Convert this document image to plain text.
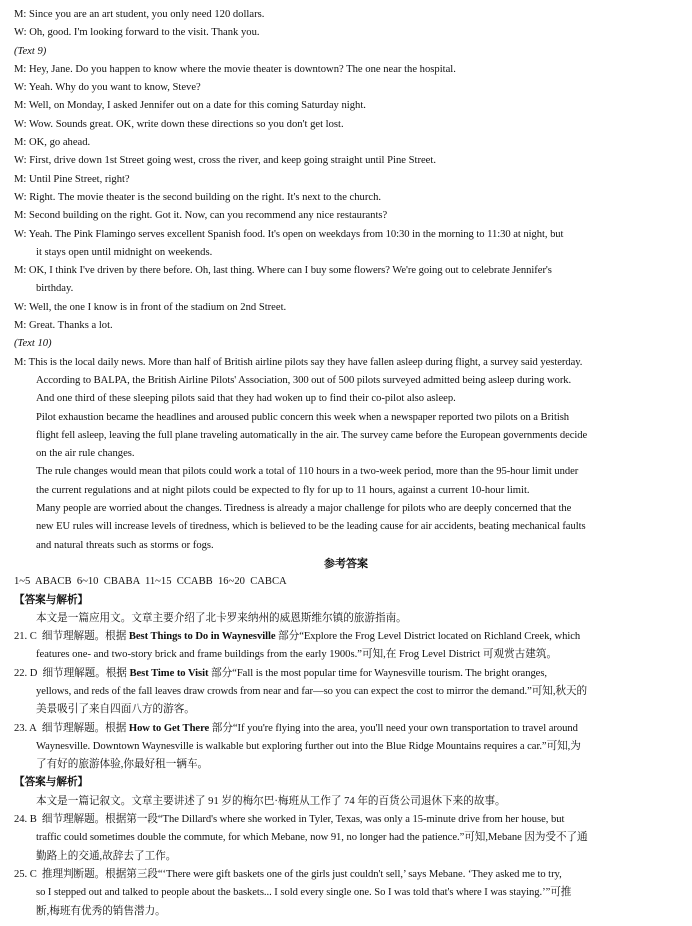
M: Since you are an art student, you only need 120 dollars.

W: Oh, good. I'm looking forward to the visit. Thank you.

(Text 9)

M: Hey, Jane. Do you happen to know where the movie theater is downtown? The one near the hospital.

W: Yeah. Why do you want to know, Steve?

M: Well, on Monday, I asked Jennifer out on a date for this coming Saturday night.

W: Wow. Sounds great. OK, write down these directions so you don't get lost.

M: OK, go ahead.

W: First, drive down 1st Street going west, cross the river, and keep going straight until Pine Street.

M: Until Pine Street, right?

W: Right. The movie theater is the second building on the right. It's next to the church.

M: Second building on the right. Got it. Now, can you recommend any nice restaurants?

W: Yeah. The Pink Flamingo serves excellent Spanish food. It's open on weekdays from 10:30 in the morning to 11:30 at night, but

it stays open until midnight on weekends.

M: OK, I think I've driven by there before. Oh, last thing. Where can I buy some flowers? We're going out to celebrate Jennifer's

birthday.

W: Well, the one I know is in front of the stadium on 2nd Street.

M: Great. Thanks a lot.

(Text 10)

M: This is the local daily news. More than half of British airline pilots say they have fallen asleep during flight, a survey said yesterday.

According to BALPA, the British Airline Pilots' Association, 300 out of 500 pilots surveyed admitted being asleep during work.

And one third of these sleeping pilots said that they had woken up to find their co-pilot also asleep.

Pilot exhaustion became the headlines and aroused public concern this week when a newspaper reported two pilots on a British

flight fell asleep, leaving the full plane traveling automatically in the air. The survey came before the European governments decide

on the air rule changes.

The rule changes would mean that pilots could work a total of 110 hours in a two-week period, more than the 95-hour limit under

the current regulations and at night pilots could be expected to fly for up to 11 hours, against a current 10-hour limit.

Many people are worried about the changes. Tiredness is already a major challenge for pilots who are deeply concerned that the

new EU rules will increase levels of tiredness, which is believed to be the leading cause for air accidents, beating mechanical faults

and natural threats such as storms or fogs.

参考答案

1~5  ABACB  6~10  CBABA  11~15  CCABB  16~20  CABCA

【答案与解析】

本文是一篇应用文。文章主要介绍了北卡罗来纳州的威恩斯维尔镇的旅游指南。

21. C 细节理解题。根据 Best Things to Do in Waynesville 部分“Explore the Frog Level District located on Richland Creek, which

features one- and two-story brick and frame buildings from the early 1900s.”可知,在 Frog Level District 可观赏古建筑。

22. D 细节理解题。根据 Best Time to Visit 部分“Fall is the most popular time for Waynesville tourism. The bright oranges,

yellows, and reds of the fall leaves draw crowds from near and far—so you can expect the cost to mirror the demand.”可知,秋天的

美景吸引了来自四面八方的游客。

23. A 细节理解题。根据 How to Get There 部分“If you're flying into the area, you'll need your own transportation to travel around

Waynesville. Downtown Waynesville is walkable but exploring further out into the Blue Ridge Mountains requires a car.”可知,为

了有好的旅游体验,你最好租一辆车。

【答案与解析】

本文是一篇记叙文。文章主要讲述了 91 岁的梅尔巴·梅班从工作了 74 年的百货公司退休下来的故事。

24. B 细节理解题。根据第一段“The Dillard's where she worked in Tyler, Texas, was only a 15-minute drive from her house, but

traffic could sometimes double the commute, for which Mebane, now 91, no longer had the patience.”可知,Mebane 因为受不了通

勤路上的交通,故辞去了工作。

25. C 推理判断题。根据第三段“‘There were gift baskets one of the girls just couldn't sell,’ says Mebane. ‘They asked me to try,

so I stepped out and talked to people about the baskets... I sold every single one. So I was told that's where I was staying.’”可推

断,梅班有优秀的销售潜力。
